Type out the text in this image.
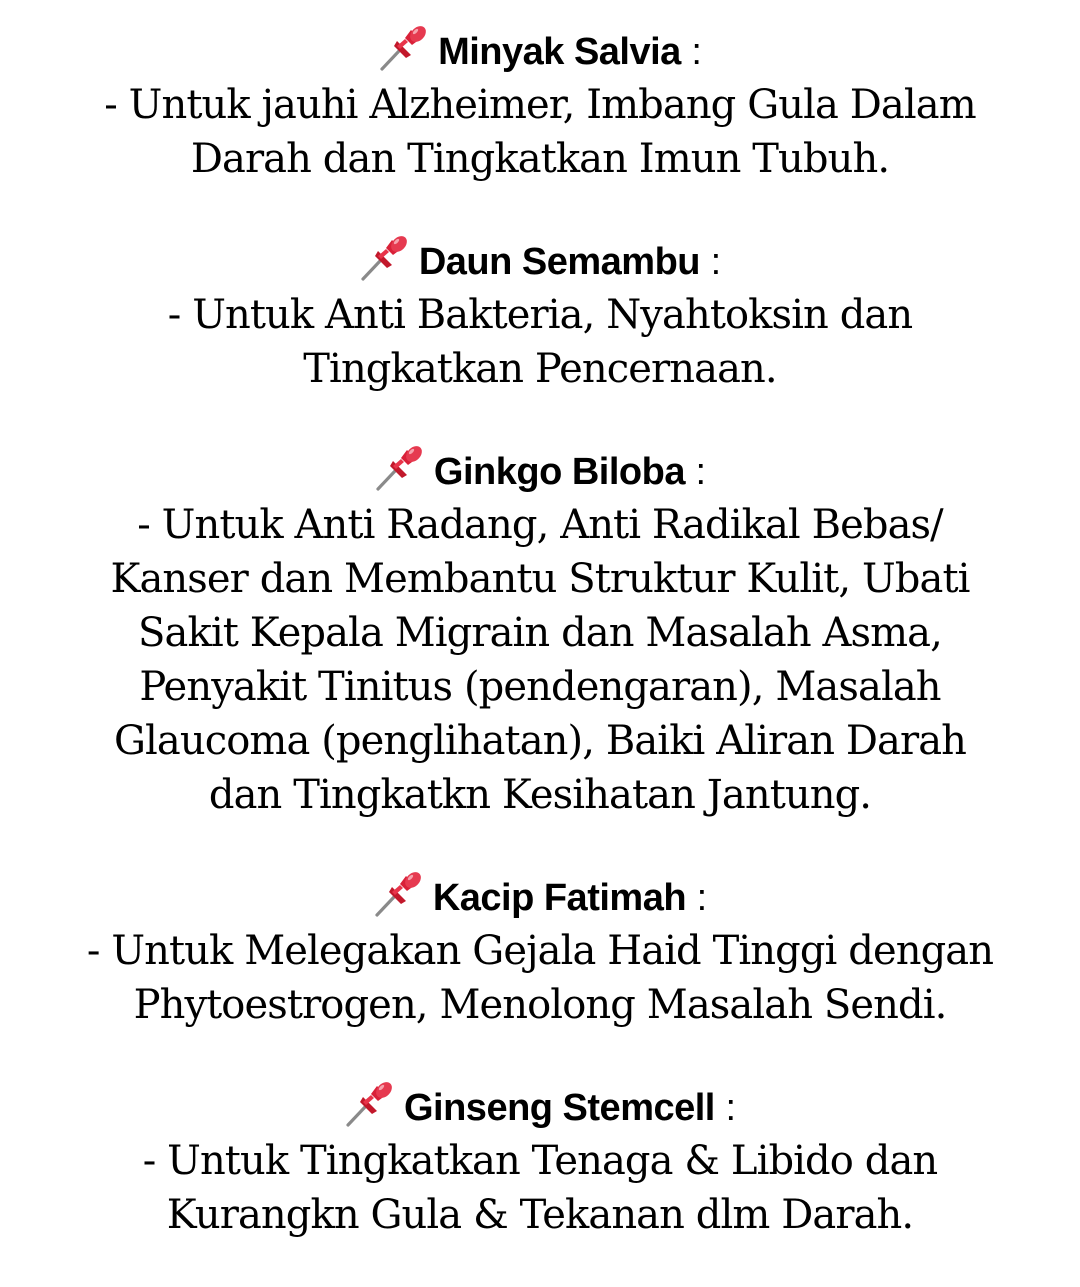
Minyak Salvia :
- Untuk jauhi Alzheimer, Imbang Gula Dalam
Darah dan Tingkatkan Imun Tubuh.
Daun Semambu :
- Untuk Anti Bakteria, Nyahtoksin dan
Tingkatkan Pencernaan.
Ginkgo Biloba :
- Untuk Anti Radang, Anti Radikal Bebas/
Kanser dan Membantu Struktur Kulit, Ubati
Sakit Kepala Migrain dan Masalah Asma,
Penyakit Tinitus (pendengaran), Masalah
Glaucoma (penglihatan), Baiki Aliran Darah
dan Tingkatkn Kesihatan Jantung.
Kacip Fatimah :
- Untuk Melegakan Gejala Haid Tinggi dengan
Phytoestrogen, Menolong Masalah Sendi.
Ginseng Stemcell :
- Untuk Tingkatkan Tenaga & Libido dan
Kurangkn Gula & Tekanan dlm Darah.
